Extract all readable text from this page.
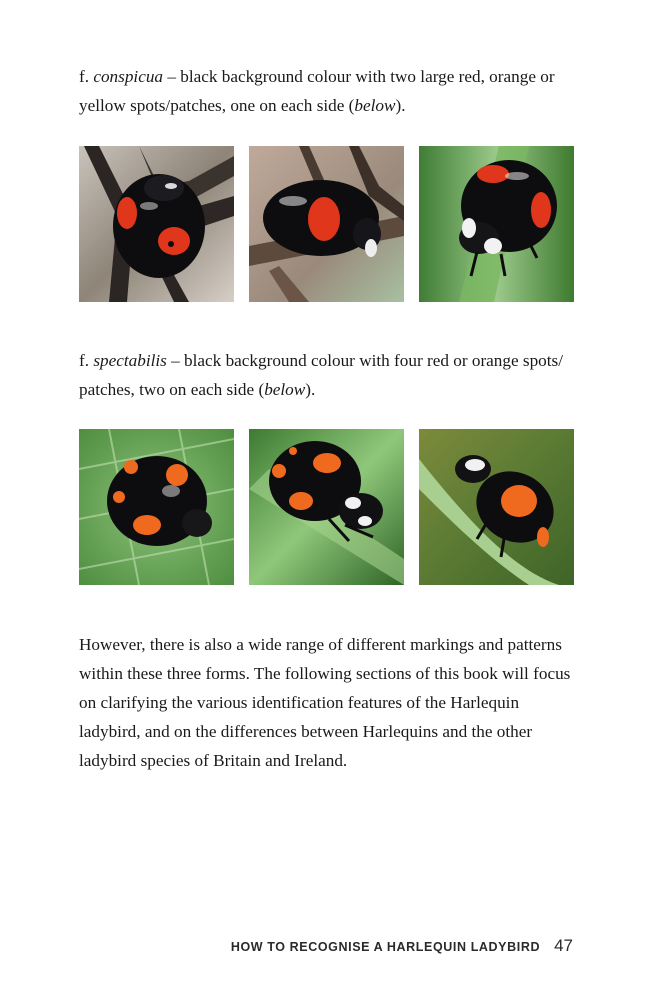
f. conspicua – black background colour with two large red, orange or yellow spots/patches, one on each side (below).

f. spectabilis – black background colour with four red or orange spots/ patches, two on each side (below).

However, there is also a wide range of different markings and patterns within these three forms. The following sections of this book will focus on clarifying the various identification features of the Harlequin ladybird, and on the differences between Harlequins and the other ladybird species of Britain and Ireland.

HOW TO RECOGNISE A HARLEQUIN LADYBIRD 47
